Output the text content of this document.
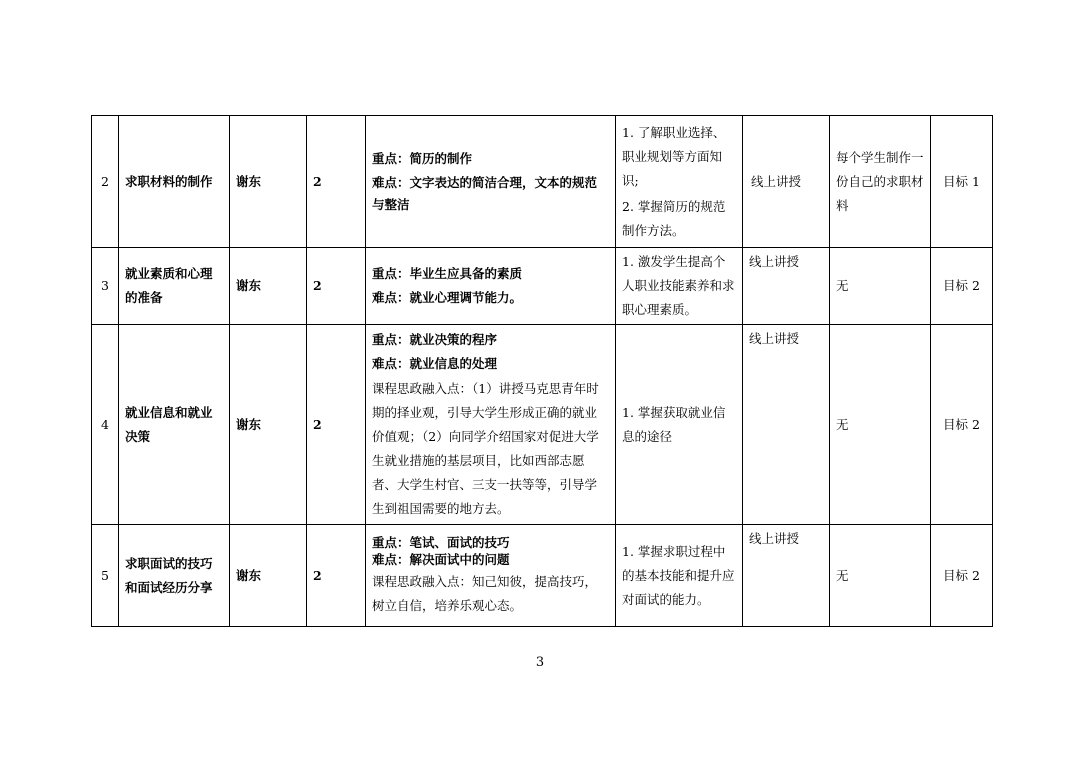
2	求职材料的制作	谢东	2	重点：简历的制作
难点：文字表达的简洁合理，文本的规范与整洁	1. 了解职业选择、职业规划等方面知识;
2. 掌握简历的规范制作方法。	线上讲授	每个学生制作一份自己的求职材料	目标 1
3	就业素质和心理的准备	谢东	2	重点：毕业生应具备的素质
难点：就业心理调节能力。	1. 激发学生提高个人职业技能素养和求职心理素质。	线上讲授	无	目标 2
4	就业信息和就业决策	谢东	2	重点：就业决策的程序
难点：就业信息的处理
课程思政融入点：（1）讲授马克思青年时期的择业观，引导大学生形成正确的就业价值观；（2）向同学介绍国家对促进大学生就业措施的基层项目，比如西部志愿者、大学生村官、三支一扶等等，引导学生到祖国需要的地方去。	1. 掌握获取就业信息的途径	线上讲授	无	目标 2
5	求职面试的技巧和面试经历分享	谢东	2	重点：笔试、面试的技巧
难点：解决面试中的问题
课程思政融入点：知己知彼，提高技巧，树立自信，培养乐观心态。	1. 掌握求职过程中的基本技能和提升应对面试的能力。	线上讲授	无	目标 2
3
